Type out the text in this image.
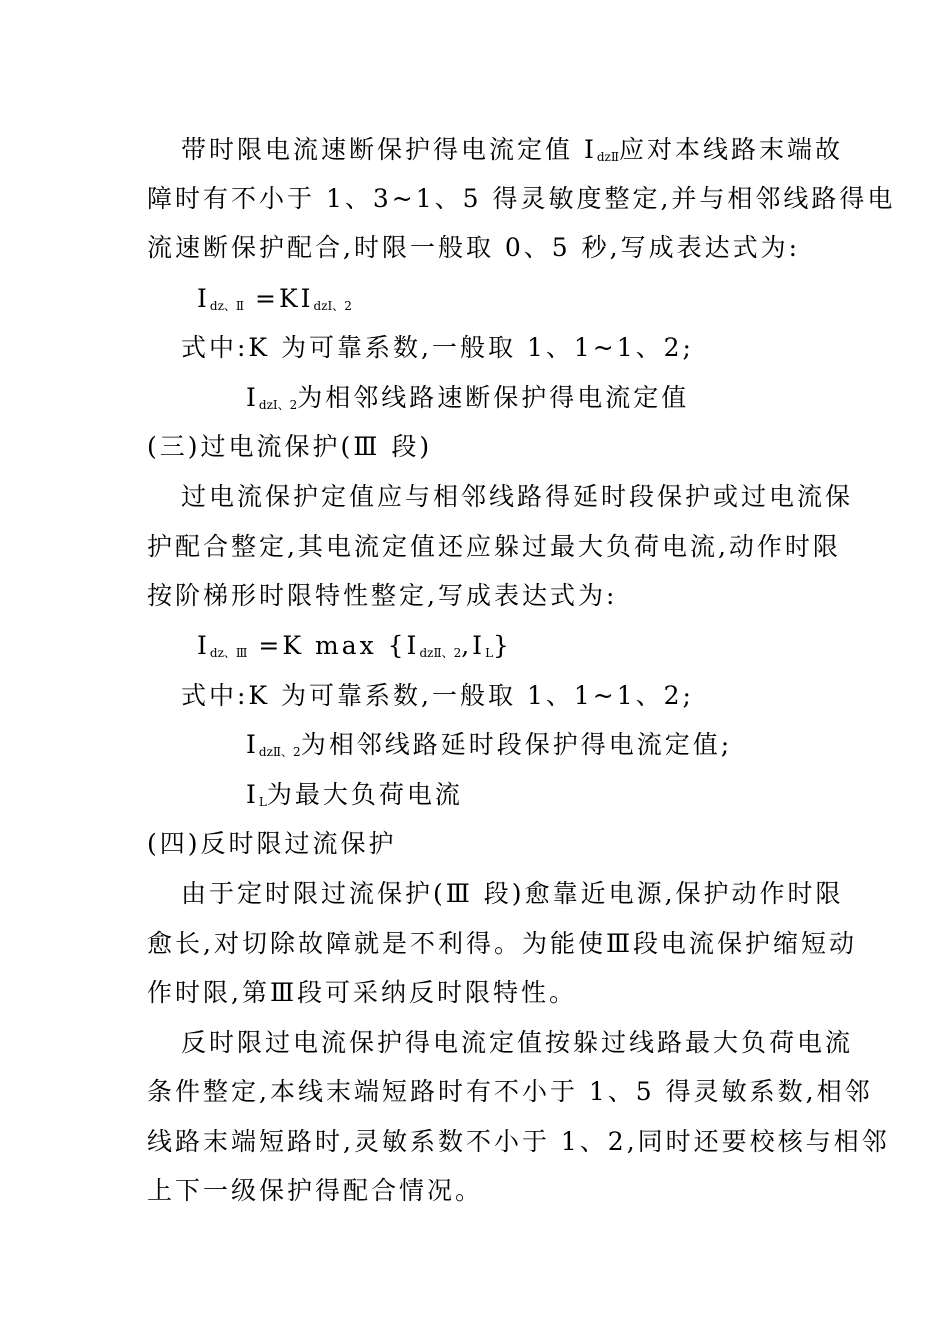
带时限电流速断保护得电流定值 $I_{dzⅡ}$应对本线路末端故
障时有不小于 1、3~1、5 得灵敏度整定,并与相邻线路得电
流速断保护配合,时限一般取 0、5 秒,写成表达式为:
$I_{dz、Ⅱ} =KI_{dzⅠ、2}$
式中:K 为可靠系数,一般取 1、1~1、2;
$I_{dzⅠ、2}$为相邻线路速断保护得电流定值
(三)过电流保护(Ⅲ 段)
过电流保护定值应与相邻线路得延时段保护或过电流保
护配合整定,其电流定值还应躲过最大负荷电流,动作时限
按阶梯形时限特性整定,写成表达式为:
$I_{dz、Ⅲ} =K$ $\max \{I_{dzⅡ、2},I_L\}$
式中:K 为可靠系数,一般取 1、1~1、2;
$I_{dzⅡ、2}$为相邻线路延时段保护得电流定值;
$I_L$为最大负荷电流
(四)反时限过流保护
由于定时限过流保护(Ⅲ 段)愈靠近电源,保护动作时限
愈长,对切除故障就是不利得。为能使Ⅲ段电流保护缩短动
作时限,第Ⅲ段可采纳反时限特性。
反时限过电流保护得电流定值按躲过线路最大负荷电流
条件整定,本线末端短路时有不小于 1、5 得灵敏系数,相邻
线路末端短路时,灵敏系数不小于 1、2,同时还要校核与相邻
上下一级保护得配合情况。
